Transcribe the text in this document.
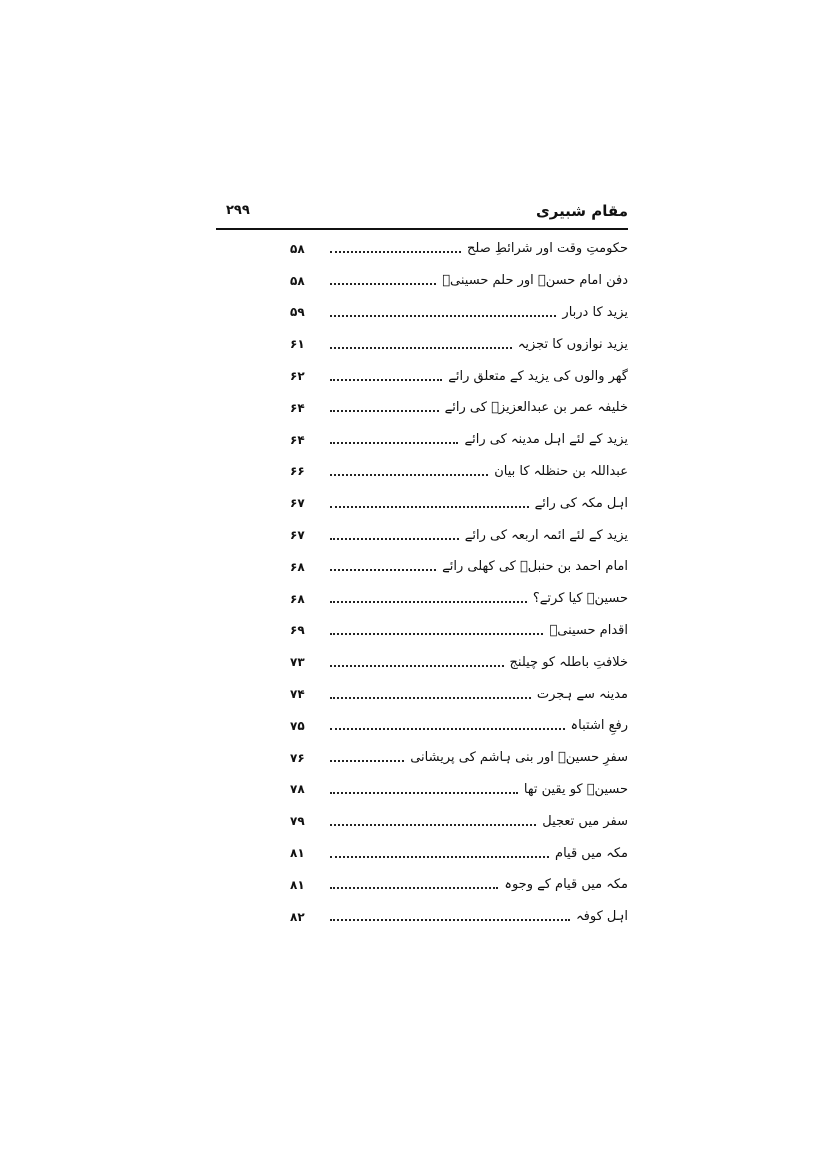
۲۹۹	مقام شبیری
۵۸	حکومتِ وقت اور شرائطِ صلح
۵۸	دفن امام حسنؑ اور حلم حسینیؑ
۵۹	یزید کا دربار
۶۱	یزید نوازوں کا تجزیہ
۶۲	گھر والوں کی یزید کے متعلق رائے
۶۴	خلیفہ عمر بن عبدالعزیزؒ کی رائے
۶۴	یزید کے لئے اہل مدینہ کی رائے
۶۶	عبداللہ بن حنظلہ کا بیان
۶۷	اہل مکہ کی رائے
۶۷	یزید کے لئے ائمہ اربعہ کی رائے
۶۸	امام احمد بن حنبلؒ کی کھلی رائے
۶۸	حسینؑ کیا کرتے؟
۶۹	اقدام حسینیؑ
۷۳	خلافتِ باطلہ کو چیلنج
۷۴	مدینہ سے ہجرت
۷۵	رفعِ اشتباہ
۷۶	سفرِ حسینؑ اور بنی ہاشم کی پریشانی
۷۸	حسینؑ کو یقین تھا
۷۹	سفر میں تعجیل
۸۱	مکہ میں قیام
۸۱	مکہ میں قیام کے وجوہ
۸۲	اہل کوفہ
